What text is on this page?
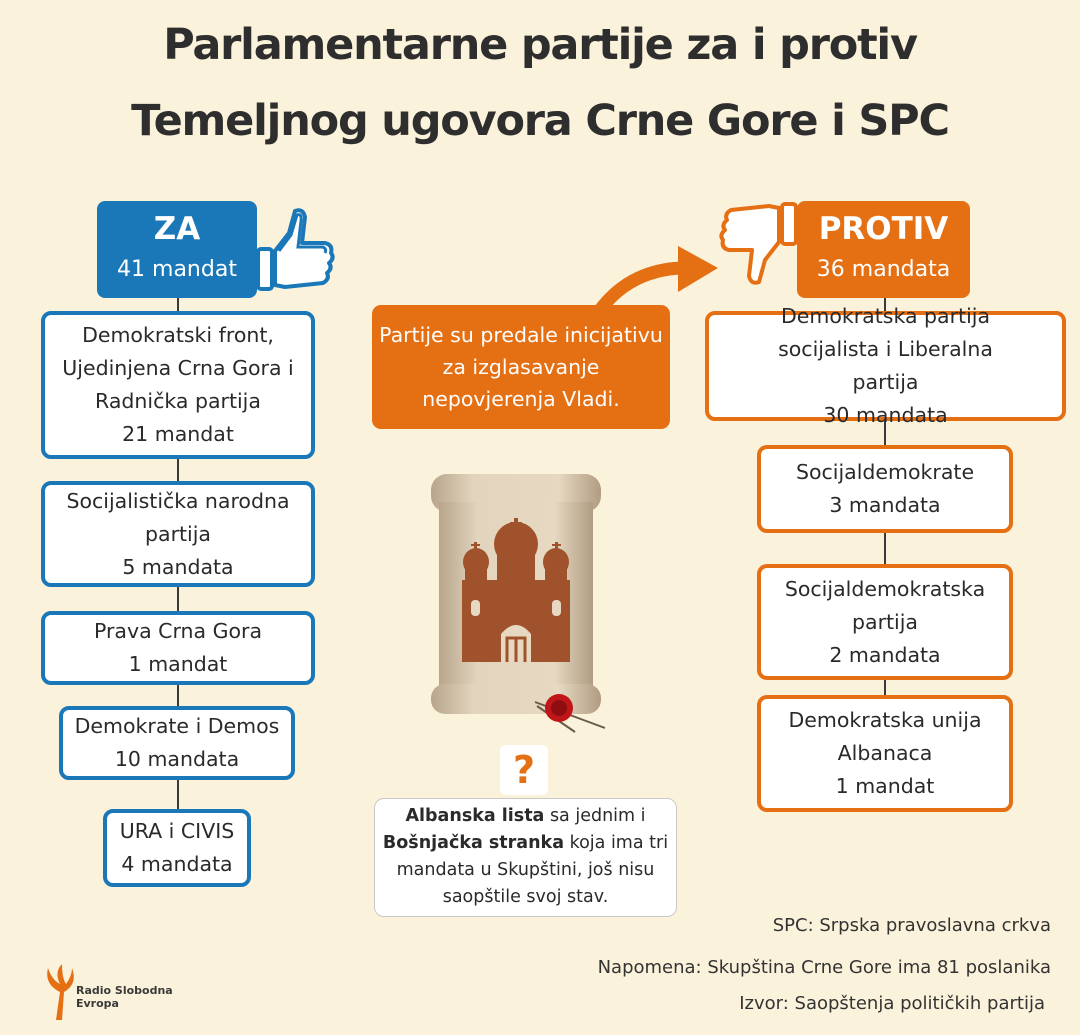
Parlamentarne partije za i protiv
Temeljnog ugovora Crne Gore i SPC
ZA
41 mandat
PROTIV
36 mandata
Demokratski front, Ujedinjena Crna Gora i Radnička partija
21 mandat
Socijalistička narodna partija
5 mandata
Prava Crna Gora
1 mandat
Demokrate i Demos
10 mandata
URA i CIVIS
4 mandata
Demokratska partija socijalista i Liberalna partija
30 mandata
Socijaldemokrate
3 mandata
Socijaldemokratska partija
2 mandata
Demokratska unija Albanaca
1 mandat
Partije su predale inicijativu za izglasavanje nepovjerenja Vladi.
?
Albanska lista sa jednim i
Bošnjačka stranka koja ima tri mandata u Skupštini, još nisu saopštile svoj stav.
SPC: Srpska pravoslavna crkva
Napomena: Skupština Crne Gore ima 81 poslanika
Izvor: Saopštenja političkih partija
Radio Slobodna
Evropa
